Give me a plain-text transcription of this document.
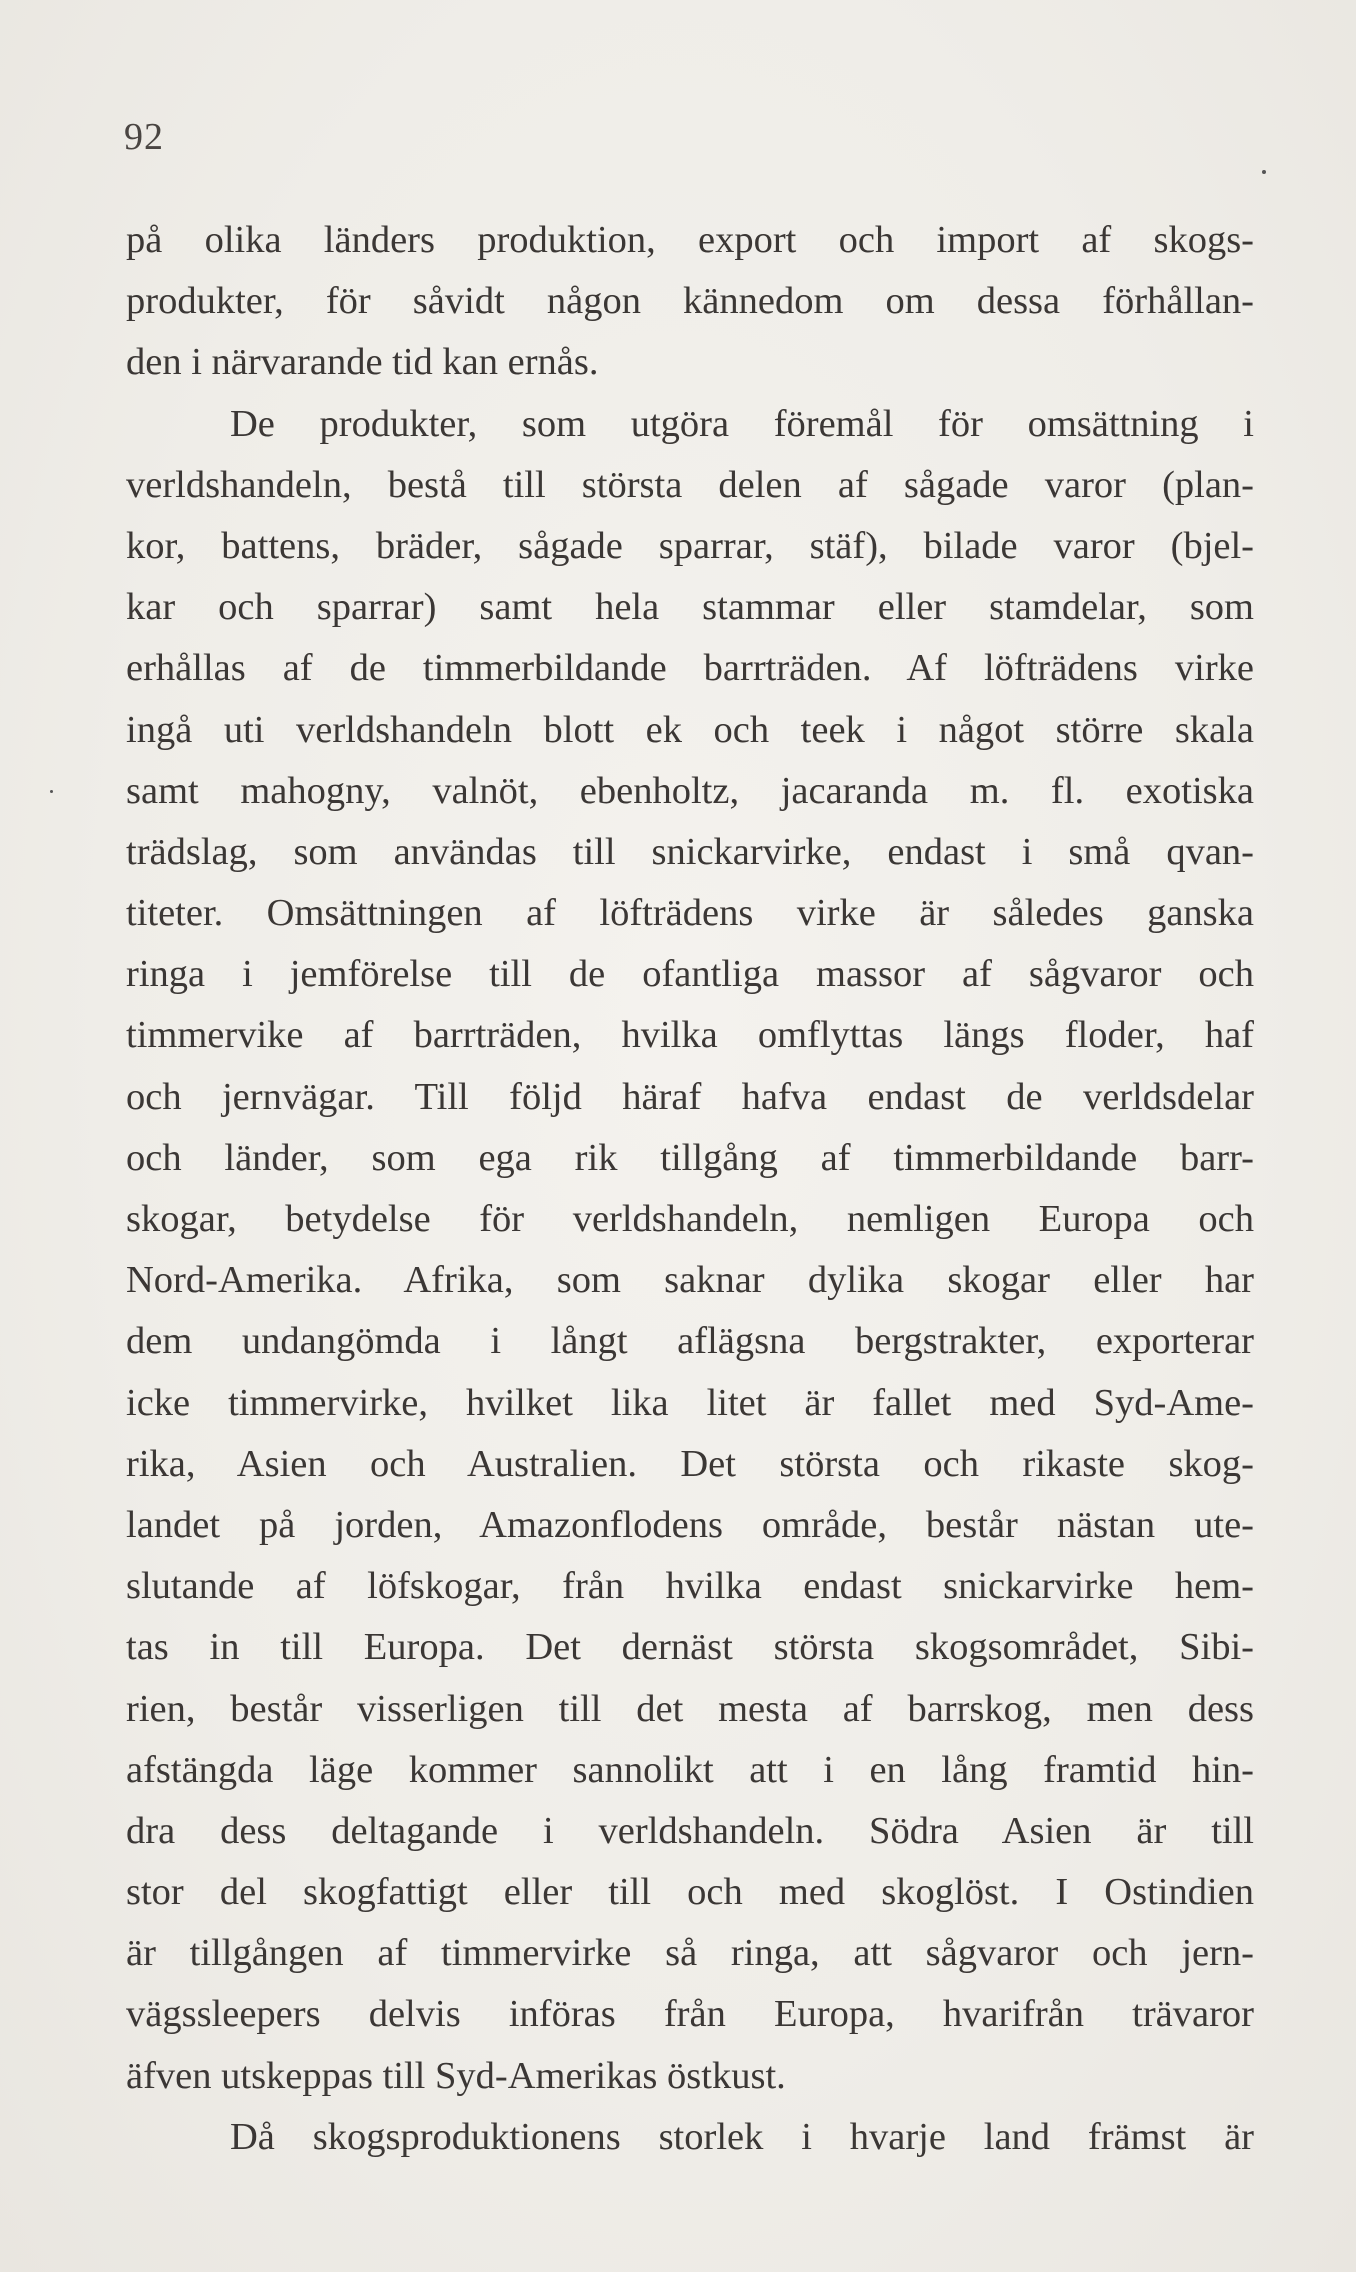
92
på olika länders produktion, export och import af skogs-
produkter, för såvidt någon kännedom om dessa förhållan-
den i närvarande tid kan ernås.
De produkter, som utgöra föremål för omsättning i
verldshandeln, bestå till största delen af sågade varor (plan-
kor, battens, bräder, sågade sparrar, stäf), bilade varor (bjel-
kar och sparrar) samt hela stammar eller stamdelar, som
erhållas af de timmerbildande barrträden. Af löfträdens virke
ingå uti verldshandeln blott ek och teek i något större skala
samt mahogny, valnöt, ebenholtz, jacaranda m. fl. exotiska
trädslag, som användas till snickarvirke, endast i små qvan-
titeter. Omsättningen af löfträdens virke är således ganska
ringa i jemförelse till de ofantliga massor af sågvaror och
timmervike af barrträden, hvilka omflyttas längs floder, haf
och jernvägar. Till följd häraf hafva endast de verldsdelar
och länder, som ega rik tillgång af timmerbildande barr-
skogar, betydelse för verldshandeln, nemligen Europa och
Nord-Amerika. Afrika, som saknar dylika skogar eller har
dem undangömda i långt aflägsna bergstrakter, exporterar
icke timmervirke, hvilket lika litet är fallet med Syd-Ame-
rika, Asien och Australien. Det största och rikaste skog-
landet på jorden, Amazonflodens område, består nästan ute-
slutande af löfskogar, från hvilka endast snickarvirke hem-
tas in till Europa. Det dernäst största skogsområdet, Sibi-
rien, består visserligen till det mesta af barrskog, men dess
afstängda läge kommer sannolikt att i en lång framtid hin-
dra dess deltagande i verldshandeln. Södra Asien är till
stor del skogfattigt eller till och med skoglöst. I Ostindien
är tillgången af timmervirke så ringa, att sågvaror och jern-
vägssleepers delvis införas från Europa, hvarifrån trävaror
äfven utskeppas till Syd-Amerikas östkust.
Då skogsproduktionens storlek i hvarje land främst är
